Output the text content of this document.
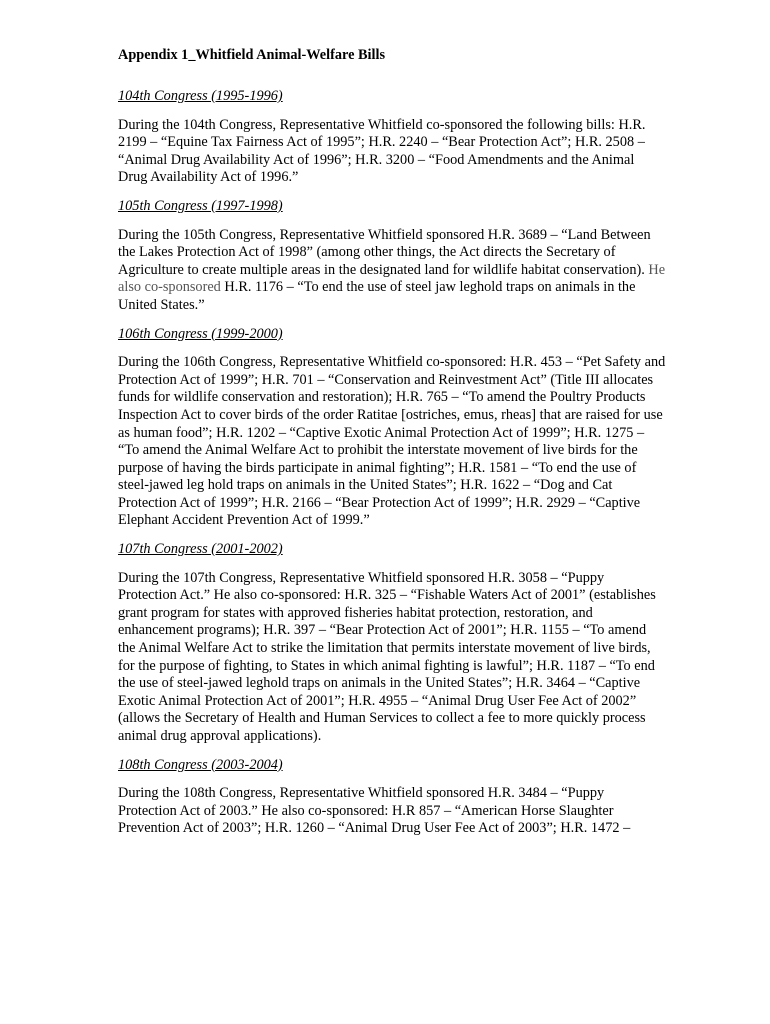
Appendix 1_Whitfield Animal-Welfare Bills
104th Congress (1995-1996)
During the 104th Congress, Representative Whitfield co-sponsored the following bills: H.R. 2199 – “Equine Tax Fairness Act of 1995”; H.R. 2240 – “Bear Protection Act”; H.R. 2508 – “Animal Drug Availability Act of 1996”; H.R. 3200 – “Food Amendments and the Animal Drug Availability Act of 1996.”
105th Congress (1997-1998)
During the 105th Congress, Representative Whitfield sponsored H.R. 3689 – “Land Between the Lakes Protection Act of 1998” (among other things, the Act directs the Secretary of Agriculture to create multiple areas in the designated land for wildlife habitat conservation). He also co-sponsored H.R. 1176 – “To end the use of steel jaw leghold traps on animals in the United States.”
106th Congress (1999-2000)
During the 106th Congress, Representative Whitfield co-sponsored: H.R. 453 – “Pet Safety and Protection Act of 1999”; H.R. 701 – “Conservation and Reinvestment Act” (Title III allocates funds for wildlife conservation and restoration); H.R. 765 – “To amend the Poultry Products Inspection Act to cover birds of the order Ratitae [ostriches, emus, rheas] that are raised for use as human food”; H.R. 1202 – “Captive Exotic Animal Protection Act of 1999”; H.R. 1275 – “To amend the Animal Welfare Act to prohibit the interstate movement of live birds for the purpose of having the birds participate in animal fighting”; H.R. 1581 – “To end the use of steel-jawed leg hold traps on animals in the United States”; H.R. 1622 – “Dog and Cat Protection Act of 1999”; H.R. 2166 – “Bear Protection Act of 1999”; H.R. 2929 – “Captive Elephant Accident Prevention Act of 1999.”
107th Congress (2001-2002)
During the 107th Congress, Representative Whitfield sponsored H.R. 3058 – “Puppy Protection Act.” He also co-sponsored: H.R. 325 – “Fishable Waters Act of 2001” (establishes grant program for states with approved fisheries habitat protection, restoration, and enhancement programs); H.R. 397 – “Bear Protection Act of 2001”; H.R. 1155 – “To amend the Animal Welfare Act to strike the limitation that permits interstate movement of live birds, for the purpose of fighting, to States in which animal fighting is lawful”; H.R. 1187 – “To end the use of steel-jawed leghold traps on animals in the United States”; H.R. 3464 – “Captive Exotic Animal Protection Act of 2001”; H.R. 4955 – “Animal Drug User Fee Act of 2002” (allows the Secretary of Health and Human Services to collect a fee to more quickly process animal drug approval applications).
108th Congress (2003-2004)
During the 108th Congress, Representative Whitfield sponsored H.R. 3484 – “Puppy Protection Act of 2003.” He also co-sponsored: H.R 857 – “American Horse Slaughter Prevention Act of 2003”; H.R. 1260 – “Animal Drug User Fee Act of 2003”; H.R. 1472 –
